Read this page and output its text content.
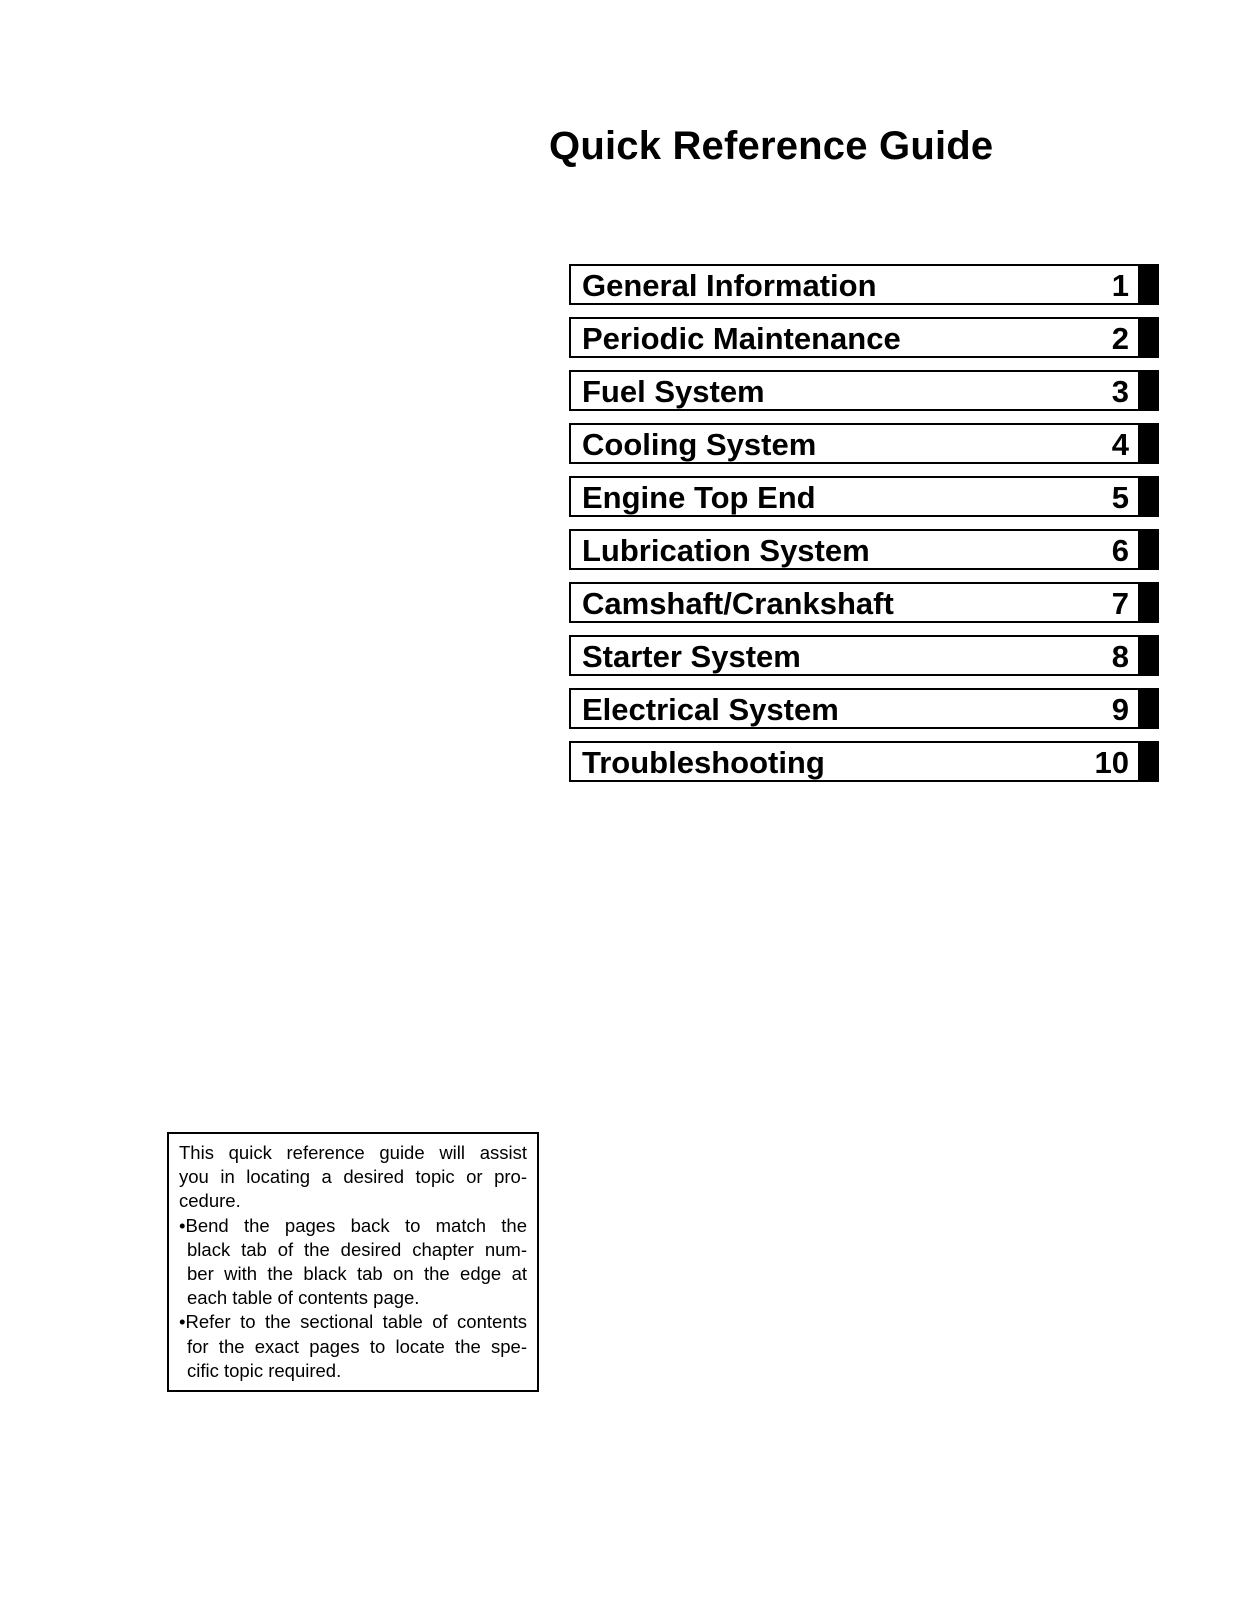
Quick Reference Guide
General Information	1
Periodic Maintenance	2
Fuel System	3
Cooling System	4
Engine Top End	5
Lubrication System	6
Camshaft/Crankshaft	7
Starter System	8
Electrical System	9
Troubleshooting	10
This quick reference guide will assist
you in locating a desired topic or pro-
cedure.
•Bend the pages back to match the
black tab of the desired chapter num-
ber with the black tab on the edge at
each table of contents page.
•Refer to the sectional table of contents
for the exact pages to locate the spe-
cific topic required.
